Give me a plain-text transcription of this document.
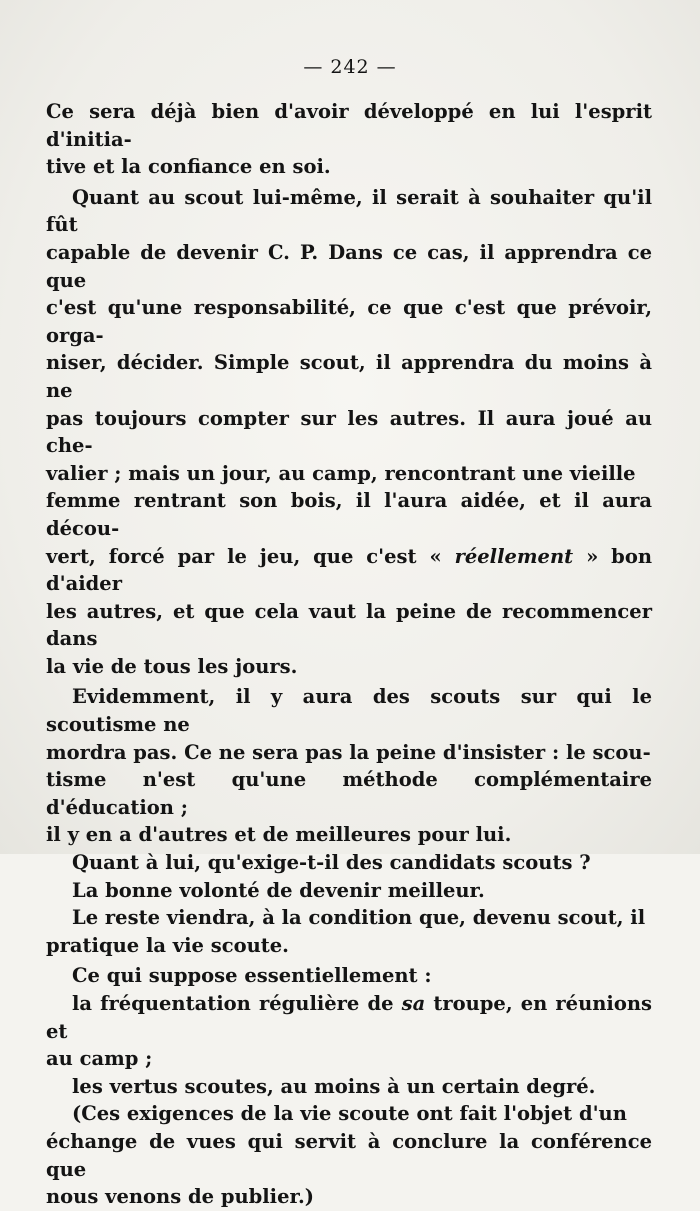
— 242 —

Ce sera déjà bien d'avoir développé en lui l'esprit d'initia-
tive et la confiance en soi.

Quant au scout lui-même, il serait à souhaiter qu'il fût
capable de devenir C. P. Dans ce cas, il apprendra ce que
c'est qu'une responsabilité, ce que c'est que prévoir, orga-
niser, décider. Simple scout, il apprendra du moins à ne
pas toujours compter sur les autres. Il aura joué au che-
valier ; mais un jour, au camp, rencontrant une vieille
femme rentrant son bois, il l'aura aidée, et il aura décou-
vert, forcé par le jeu, que c'est « réellement » bon d'aider
les autres, et que cela vaut la peine de recommencer dans
la vie de tous les jours.

Evidemment, il y aura des scouts sur qui le scoutisme ne
mordra pas. Ce ne sera pas la peine d'insister : le scou-
tisme n'est qu'une méthode complémentaire d'éducation ;
il y en a d'autres et de meilleures pour lui.

Quant à lui, qu'exige-t-il des candidats scouts ?

La bonne volonté de devenir meilleur.

Le reste viendra, à la condition que, devenu scout, il
pratique la vie scoute.

Ce qui suppose essentiellement :

la fréquentation régulière de sa troupe, en réunions et
au camp ;

les vertus scoutes, au moins à un certain degré.

(Ces exigences de la vie scoute ont fait l'objet d'un
échange de vues qui servit à conclure la conférence que
nous venons de publier.)
